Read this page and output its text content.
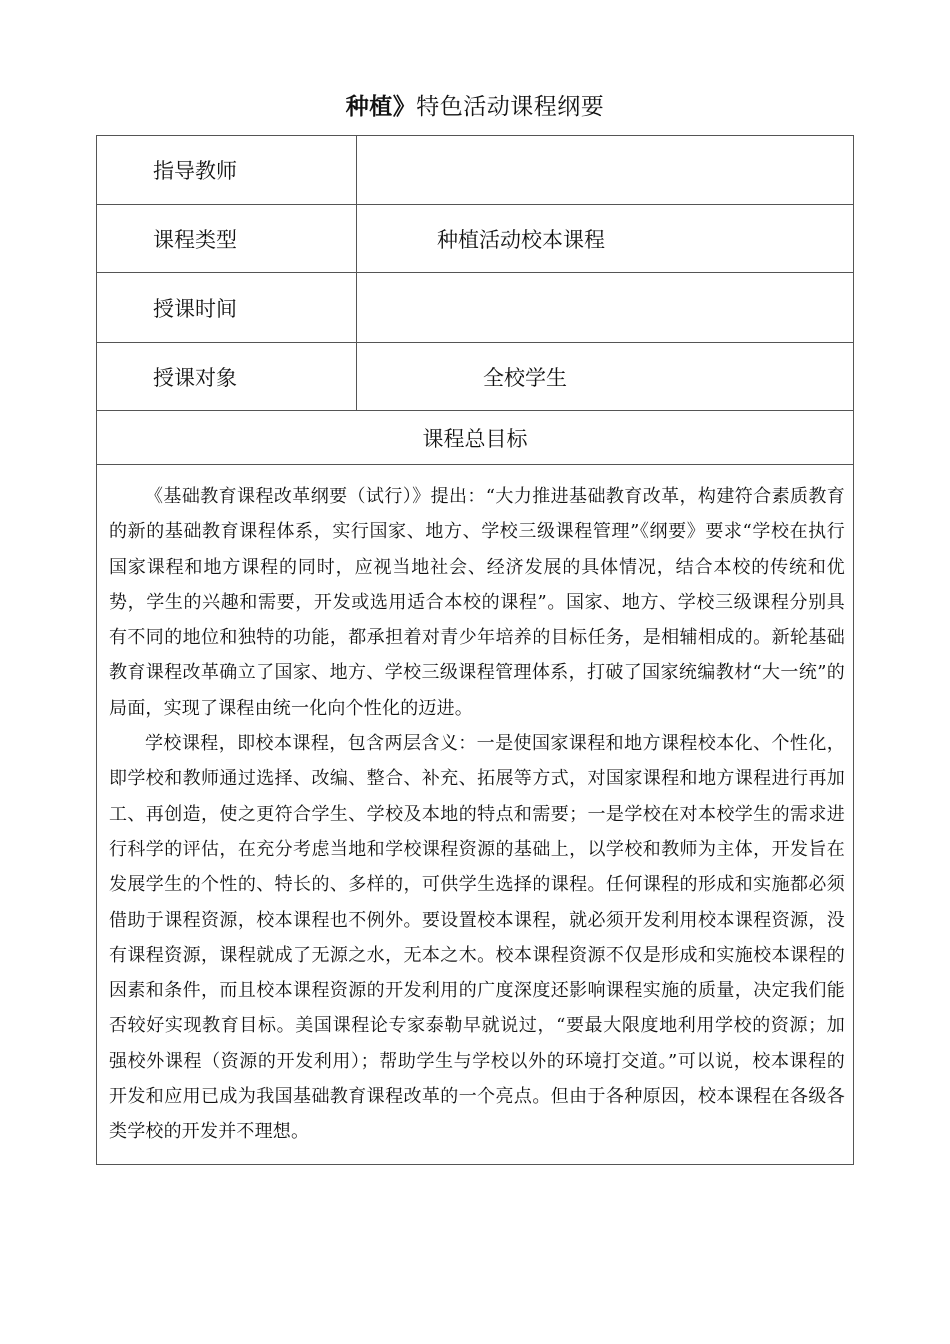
种植》特色活动课程纲要
指导教师	
课程类型	种植活动校本课程
授课时间	
授课对象	全校学生
课程总目标	

《基础教育课程改革纲要（试行）》提出：“大力推进基础教育改革，构建符合素质教育的新的基础教育课程体系，实行国家、地方、学校三级课程管理”《纲要》要求“学校在执行国家课程和地方课程的同时，应视当地社会、经济发展的具体情况，结合本校的传统和优势，学生的兴趣和需要，开发或选用适合本校的课程”。国家、地方、学校三级课程分别具有不同的地位和独特的功能，都承担着对青少年培养的目标任务，是相辅相成的。新轮基础教育课程改革确立了国家、地方、学校三级课程管理体系，打破了国家统编教材“大一统”的局面，实现了课程由统一化向个性化的迈进。

学校课程，即校本课程，包含两层含义：一是使国家课程和地方课程校本化、个性化，即学校和教师通过选择、改编、整合、补充、拓展等方式，对国家课程和地方课程进行再加工、再创造，使之更符合学生、学校及本地的特点和需要；一是学校在对本校学生的需求进行科学的评估，在充分考虑当地和学校课程资源的基础上，以学校和教师为主体，开发旨在发展学生的个性的、特长的、多样的，可供学生选择的课程。任何课程的形成和实施都必须借助于课程资源，校本课程也不例外。要设置校本课程，就必须开发利用校本课程资源，没有课程资源，课程就成了无源之水，无本之木。校本课程资源不仅是形成和实施校本课程的因素和条件，而且校本课程资源的开发利用的广度深度还影响课程实施的质量，决定我们能否较好实现教育目标。美国课程论专家泰勒早就说过，“要最大限度地利用学校的资源；加强校外课程（资源的开发利用）；帮助学生与学校以外的环境打交道。”可以说，校本课程的开发和应用已成为我国基础教育课程改革的一个亮点。但由于各种原因，校本课程在各级各类学校的开发并不理想。	
